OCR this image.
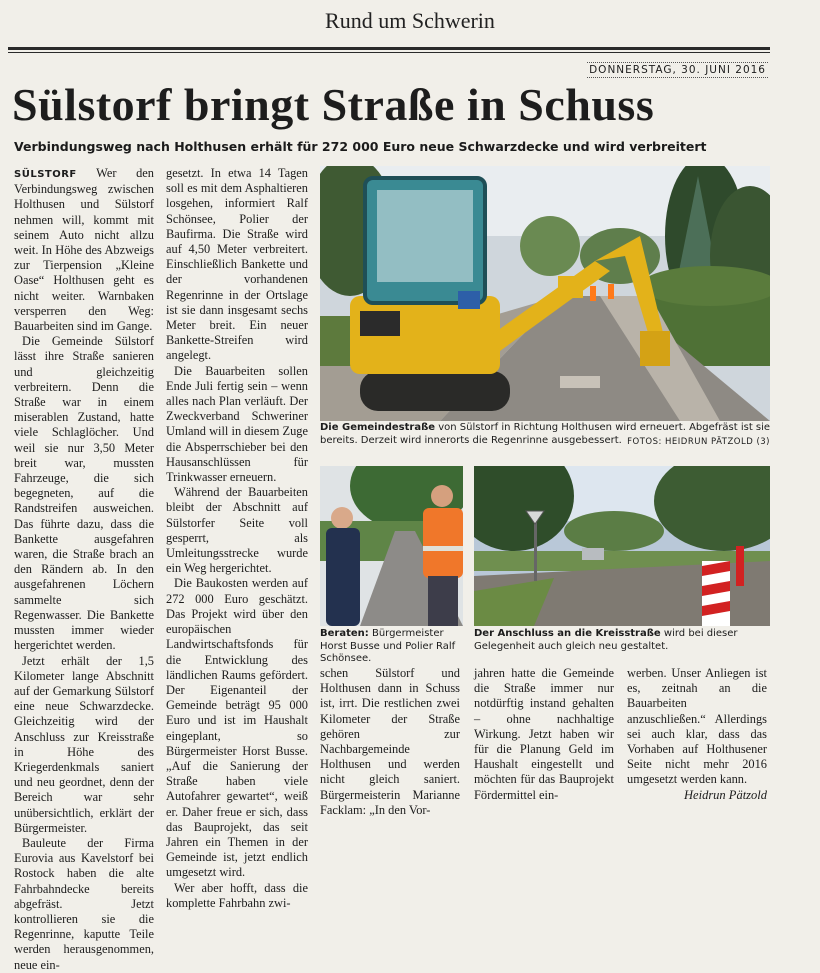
Rund um Schwerin
DONNERSTAG, 30. JUNI 2016
Sülstorf bringt Straße in Schuss
Verbindungsweg nach Holthusen erhält für 272 000 Euro neue Schwarzdecke und wird verbreitert

SÜLSTORF Wer den Verbindungsweg zwischen Holthusen und Sülstorf nehmen will, kommt mit seinem Auto nicht allzu weit. In Höhe des Abzweigs zur Tierpension „Kleine Oase“ Holthusen geht es nicht weiter. Warnbaken versperren den Weg: Bauarbeiten sind im Gange.

Die Gemeinde Sülstorf lässt ihre Straße sanieren und gleichzeitig verbreitern. Denn die Straße war in einem miserablen Zustand, hatte viele Schlaglöcher. Und weil sie nur 3,50 Meter breit war, mussten Fahrzeuge, die sich begegneten, auf die Randstreifen ausweichen. Das führte dazu, dass die Bankette ausgefahren waren, die Straße brach an den Rändern ab. In den ausgefahrenen Löchern sammelte sich Regenwasser. Die Bankette mussten immer wieder hergerichtet werden.

Jetzt erhält der 1,5 Kilometer lange Abschnitt auf der Gemarkung Sülstorf eine neue Schwarzdecke. Gleichzeitig wird der Anschluss zur Kreisstraße in Höhe des Kriegerdenkmals saniert und neu geordnet, denn der Bereich war sehr unübersichtlich, erklärt der Bürgermeister.

Bauleute der Firma Eurovia aus Kavelstorf bei Rostock haben die alte Fahrbahndecke bereits abgefräst. Jetzt kontrollieren sie die Regenrinne, kaputte Teile werden herausgenommen, neue ein-

gesetzt. In etwa 14 Tagen soll es mit dem Asphaltieren losgehen, informiert Ralf Schönsee, Polier der Baufirma. Die Straße wird auf 4,50 Meter verbreitert. Einschließlich Bankette und der vorhandenen Regenrinne in der Ortslage ist sie dann insgesamt sechs Meter breit. Ein neuer Bankette-Streifen wird angelegt.

Die Bauarbeiten sollen Ende Juli fertig sein – wenn alles nach Plan verläuft. Der Zweckverband Schweriner Umland will in diesem Zuge die Absperrschieber bei den Hausanschlüssen für Trinkwasser erneuern.

Während der Bauarbeiten bleibt der Abschnitt auf Sülstorfer Seite voll gesperrt, als Umleitungsstrecke wurde ein Weg hergerichtet.

Die Baukosten werden auf 272 000 Euro geschätzt. Das Projekt wird über den europäischen Landwirtschaftsfonds für die Entwicklung des ländlichen Raums gefördert. Der Eigenanteil der Gemeinde beträgt 95 000 Euro und ist im Haushalt eingeplant, so Bürgermeister Horst Busse. „Auf die Sanierung der Straße haben viele Autofahrer gewartet“, weiß er. Daher freue er sich, dass das Bauprojekt, das seit Jahren ein Themen in der Gemeinde ist, jetzt endlich umgesetzt wird.

Wer aber hofft, dass die komplette Fahrbahn zwi-

Die Gemeindestraße von Sülstorf in Richtung Holthusen wird erneuert. Abgefräst ist sie bereits. Derzeit wird innerorts die Regenrinne ausgebessert. FOTOS: HEIDRUN PÄTZOLD (3)
Beraten: Bürgermeister Horst Busse und Polier Ralf Schönsee.
Der Anschluss an die Kreisstraße wird bei dieser Gelegenheit auch gleich neu gestaltet.

schen Sülstorf und Holthusen dann in Schuss ist, irrt. Die restlichen zwei Kilometer der Straße gehören zur Nachbargemeinde Holthusen und werden nicht gleich saniert. Bürgermeisterin Marianne Facklam: „In den Vor-

jahren hatte die Gemeinde die Straße immer nur notdürftig instand gehalten – ohne nachhaltige Wirkung. Jetzt haben wir für die Planung Geld im Haushalt eingestellt und möchten für das Bauprojekt Fördermittel ein-

werben. Unser Anliegen ist es, zeitnah an die Bauarbeiten anzuschließen.“ Allerdings sei auch klar, dass das Vorhaben auf Holthusener Seite nicht mehr 2016 umgesetzt werden kann.

Heidrun Pätzold
